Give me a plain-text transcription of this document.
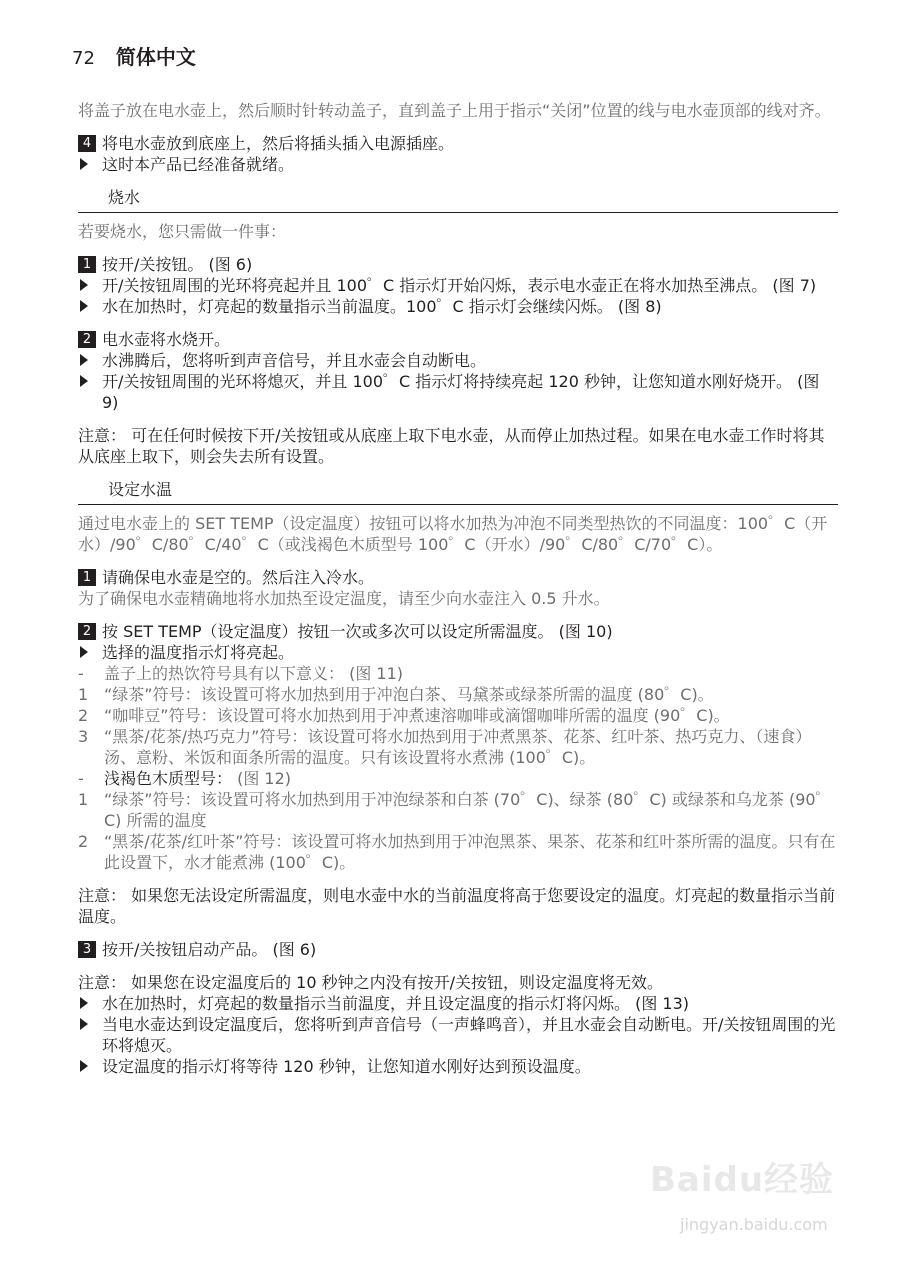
72 简体中文

将盖子放在电水壶上，然后顺时针转动盖子，直到盖子上用于指示“关闭”位置的线与电水壶顶部的线对齐。

4 将电水壶放到底座上，然后将插头插入电源插座。
这时本产品已经准备就绪。
烧水

若要烧水，您只需做一件事：

1 按开/关按钮。 (图 6)
开/关按钮周围的光环将亮起并且 100゜C 指示灯开始闪烁，表示电水壶正在将水加热至沸点。 (图 7)
水在加热时，灯亮起的数量指示当前温度。100゜C 指示灯会继续闪烁。 (图 8)
2 电水壶将水烧开。
水沸腾后，您将听到声音信号，并且水壶会自动断电。
开/关按钮周围的光环将熄灭，并且 100゜C 指示灯将持续亮起 120 秒钟，让您知道水刚好烧开。 (图 9)

注意： 可在任何时候按下开/关按钮或从底座上取下电水壶，从而停止加热过程。如果在电水壶工作时将其从底座上取下，则会失去所有设置。

设定水温

通过电水壶上的 SET TEMP（设定温度）按钮可以将水加热为冲泡不同类型热饮的不同温度：100゜C（开水）/90゜C/80゜C/40゜C（或浅褐色木质型号 100゜C（开水）/90゜C/80゜C/70゜C）。

1 请确保电水壶是空的。然后注入冷水。

为了确保电水壶精确地将水加热至设定温度，请至少向水壶注入 0.5 升水。

2 按 SET TEMP（设定温度）按钮一次或多次可以设定所需温度。 (图 10)
选择的温度指示灯将亮起。
-	盖子上的热饮符号具有以下意义： (图 11)
1 “绿茶”符号：该设置可将水加热到用于冲泡白茶、马黛茶或绿茶所需的温度 (80゜C)。
2 “咖啡豆”符号：该设置可将水加热到用于冲煮速溶咖啡或滴馏咖啡所需的温度 (90゜C)。
3 “黑茶/花茶/热巧克力”符号：该设置可将水加热到用于冲煮黑茶、花茶、红叶茶、热巧克力、（速食）汤、意粉、米饭和面条所需的温度。只有该设置将水煮沸 (100゜C)。
-	浅褐色木质型号： (图 12)
1 “绿茶”符号：该设置可将水加热到用于冲泡绿茶和白茶 (70゜C)、绿茶 (80゜C) 或绿茶和乌龙茶 (90゜C) 所需的温度
2 “黑茶/花茶/红叶茶”符号：该设置可将水加热到用于冲泡黑茶、果茶、花茶和红叶茶所需的温度。只有在此设置下，水才能煮沸 (100゜C)。

注意： 如果您无法设定所需温度，则电水壶中水的当前温度将高于您要设定的温度。灯亮起的数量指示当前温度。

3 按开/关按钮启动产品。 (图 6)

注意： 如果您在设定温度后的 10 秒钟之内没有按开/关按钮，则设定温度将无效。

水在加热时，灯亮起的数量指示当前温度，并且设定温度的指示灯将闪烁。 (图 13)
当电水壶达到设定温度后，您将听到声音信号（一声蜂鸣音），并且水壶会自动断电。开/关按钮周围的光环将熄灭。
设定温度的指示灯将等待 120 秒钟，让您知道水刚好达到预设温度。
Baidu经验
jingyan.baidu.com
